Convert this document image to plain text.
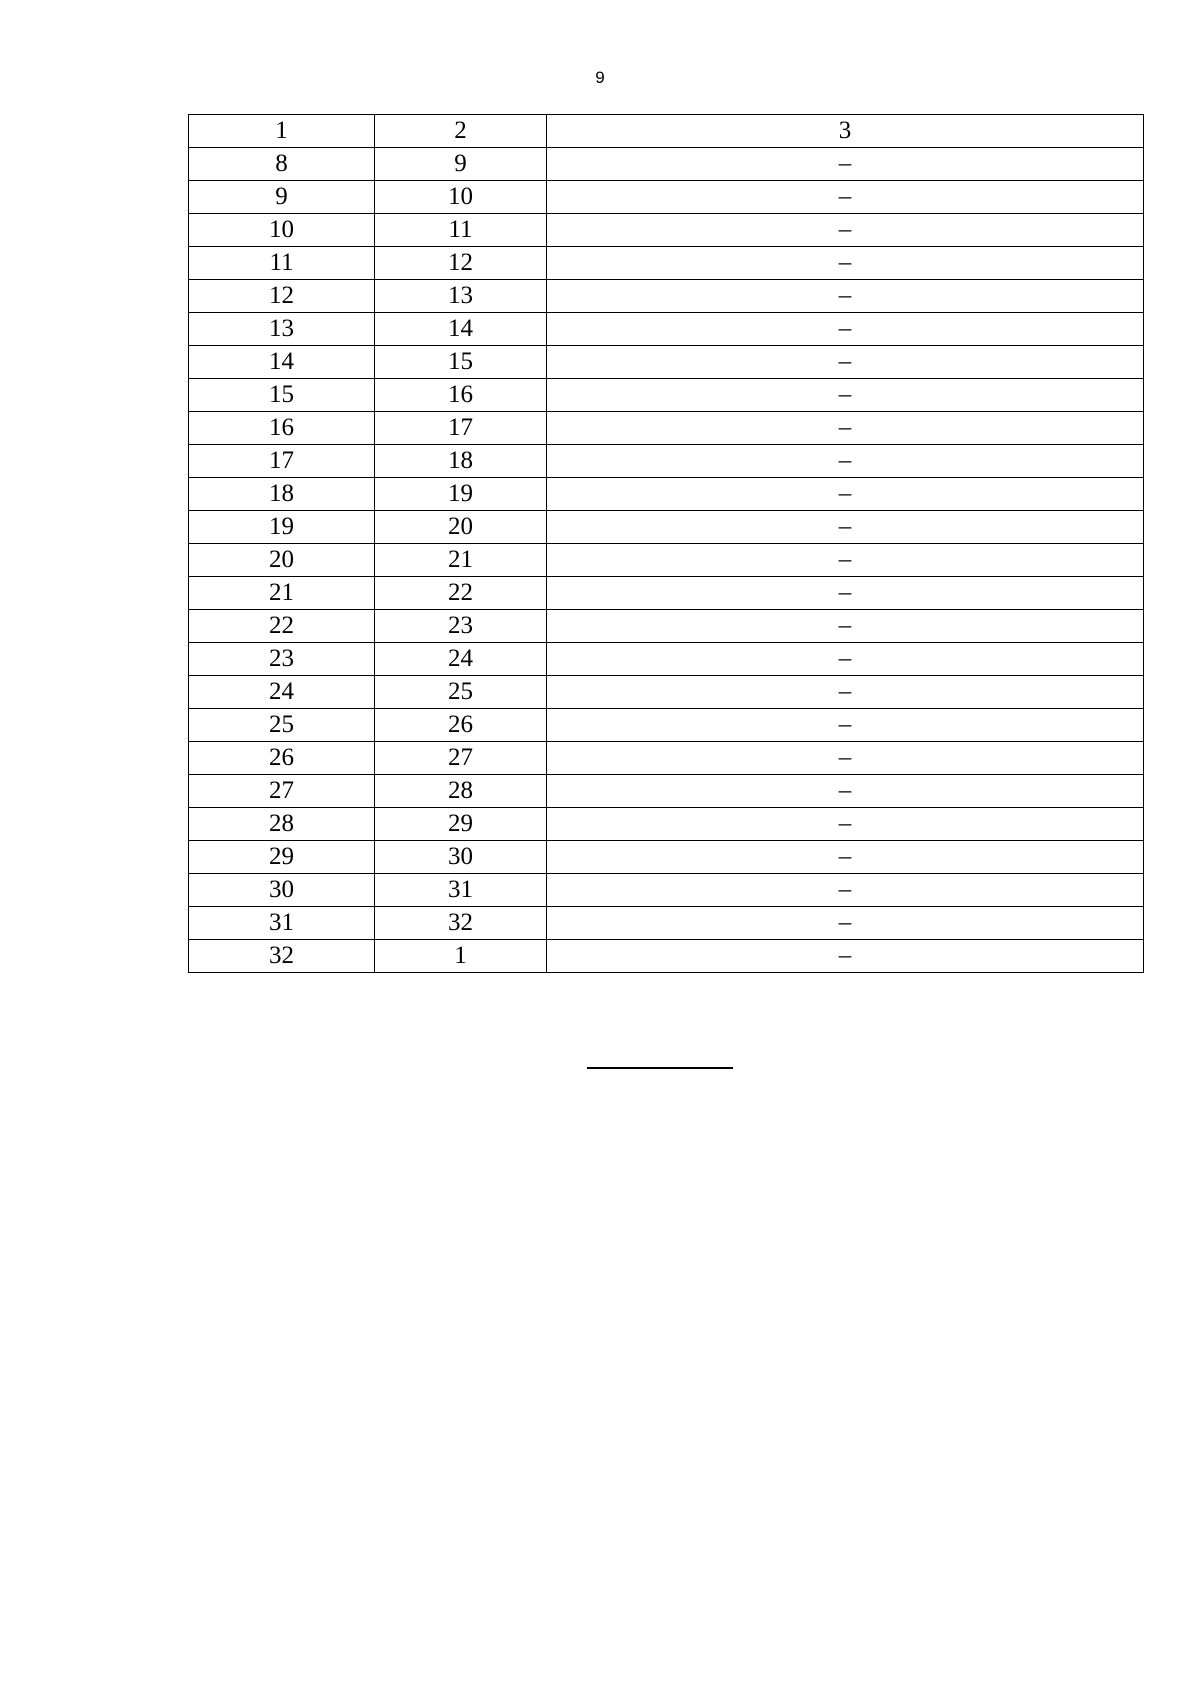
9
1	2	3
8	9	–
9	10	–
10	11	–
11	12	–
12	13	–
13	14	–
14	15	–
15	16	–
16	17	–
17	18	–
18	19	–
19	20	–
20	21	–
21	22	–
22	23	–
23	24	–
24	25	–
25	26	–
26	27	–
27	28	–
28	29	–
29	30	–
30	31	–
31	32	–
32	1	–
